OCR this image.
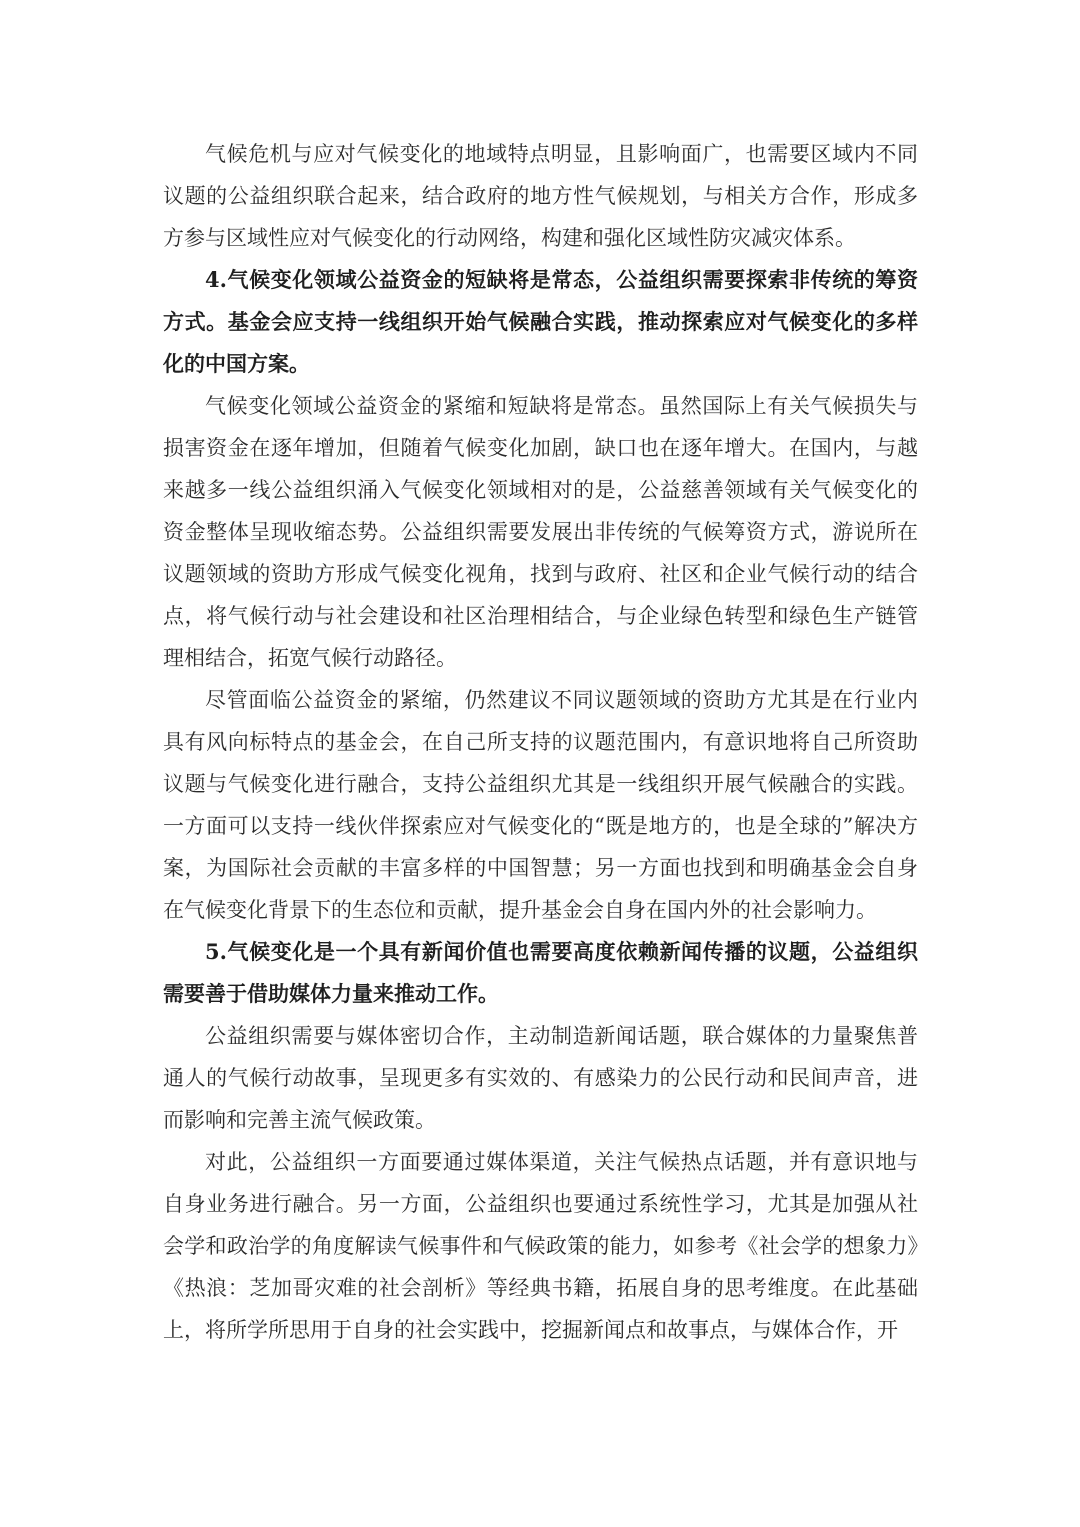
气候危机与应对气候变化的地域特点明显，且影响面广，也需要区域内不同议题的公益组织联合起来，结合政府的地方性气候规划，与相关方合作，形成多方参与区域性应对气候变化的行动网络，构建和强化区域性防灾减灾体系。

4.气候变化领域公益资金的短缺将是常态，公益组织需要探索非传统的筹资方式。基金会应支持一线组织开始气候融合实践，推动探索应对气候变化的多样化的中国方案。

气候变化领域公益资金的紧缩和短缺将是常态。虽然国际上有关气候损失与损害资金在逐年增加，但随着气候变化加剧，缺口也在逐年增大。在国内，与越来越多一线公益组织涌入气候变化领域相对的是，公益慈善领域有关气候变化的资金整体呈现收缩态势。公益组织需要发展出非传统的气候筹资方式，游说所在议题领域的资助方形成气候变化视角，找到与政府、社区和企业气候行动的结合点，将气候行动与社会建设和社区治理相结合，与企业绿色转型和绿色生产链管理相结合，拓宽气候行动路径。

尽管面临公益资金的紧缩，仍然建议不同议题领域的资助方尤其是在行业内具有风向标特点的基金会，在自己所支持的议题范围内，有意识地将自己所资助议题与气候变化进行融合，支持公益组织尤其是一线组织开展气候融合的实践。一方面可以支持一线伙伴探索应对气候变化的“既是地方的，也是全球的”解决方案，为国际社会贡献的丰富多样的中国智慧；另一方面也找到和明确基金会自身在气候变化背景下的生态位和贡献，提升基金会自身在国内外的社会影响力。

5.气候变化是一个具有新闻价值也需要高度依赖新闻传播的议题，公益组织需要善于借助媒体力量来推动工作。

公益组织需要与媒体密切合作，主动制造新闻话题，联合媒体的力量聚焦普通人的气候行动故事，呈现更多有实效的、有感染力的公民行动和民间声音，进而影响和完善主流气候政策。

对此，公益组织一方面要通过媒体渠道，关注气候热点话题，并有意识地与自身业务进行融合。另一方面，公益组织也要通过系统性学习，尤其是加强从社会学和政治学的角度解读气候事件和气候政策的能力，如参考《社会学的想象力》《热浪：芝加哥灾难的社会剖析》等经典书籍，拓展自身的思考维度。在此基础上，将所学所思用于自身的社会实践中，挖掘新闻点和故事点，与媒体合作，开
